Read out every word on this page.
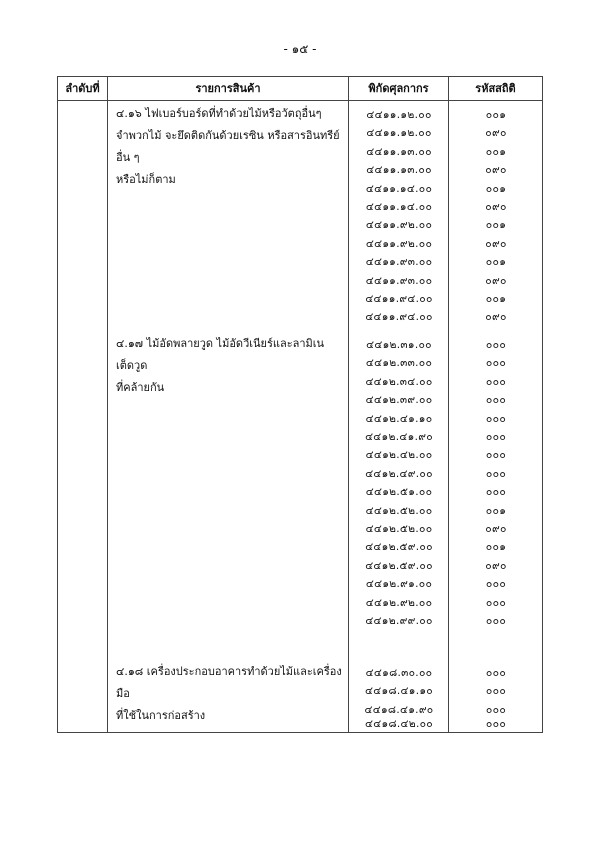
- ๑๕ -
ลำดับที่	รายการสินค้า	พิกัดศุลกากร	รหัสสถิติ
๔.๑๖ ไฟเบอร์บอร์ดที่ทำด้วยไม้หรือวัตถุอื่นๆ
จำพวกไม้ จะยึดติดกันด้วยเรซิน หรือสารอินทรีย์อื่น ๆ
หรือไม่ก็ตาม
๔๔๑๑.๑๒.๐๐	๐๐๑
๔๔๑๑.๑๒.๐๐	๐๙๐
๔๔๑๑.๑๓.๐๐	๐๐๑
๔๔๑๑.๑๓.๐๐	๐๙๐
๔๔๑๑.๑๔.๐๐	๐๐๑
๔๔๑๑.๑๔.๐๐	๐๙๐
๔๔๑๑.๙๒.๐๐	๐๐๑
๔๔๑๑.๙๒.๐๐	๐๙๐
๔๔๑๑.๙๓.๐๐	๐๐๑
๔๔๑๑.๙๓.๐๐	๐๙๐
๔๔๑๑.๙๔.๐๐	๐๐๑
๔๔๑๑.๙๔.๐๐	๐๙๐
๔.๑๗ ไม้อัดพลายวูด ไม้อัดวีเนียร์และลามิเนเต็ดวูด
ที่คล้ายกัน
๔๔๑๒.๓๑.๐๐	๐๐๐
๔๔๑๒.๓๓.๐๐	๐๐๐
๔๔๑๒.๓๔.๐๐	๐๐๐
๔๔๑๒.๓๙.๐๐	๐๐๐
๔๔๑๒.๔๑.๑๐	๐๐๐
๔๔๑๒.๔๑.๙๐	๐๐๐
๔๔๑๒.๔๒.๐๐	๐๐๐
๔๔๑๒.๔๙.๐๐	๐๐๐
๔๔๑๒.๕๑.๐๐	๐๐๐
๔๔๑๒.๕๒.๐๐	๐๐๑
๔๔๑๒.๕๒.๐๐	๐๙๐
๔๔๑๒.๕๙.๐๐	๐๐๑
๔๔๑๒.๕๙.๐๐	๐๙๐
๔๔๑๒.๙๑.๐๐	๐๐๐
๔๔๑๒.๙๒.๐๐	๐๐๐
๔๔๑๒.๙๙.๐๐	๐๐๐
๔.๑๘ เครื่องประกอบอาคารทำด้วยไม้และเครื่องมือ
ที่ใช้ในการก่อสร้าง
๔๔๑๘.๓๐.๐๐	๐๐๐
๔๔๑๘.๔๑.๑๐	๐๐๐
๔๔๑๘.๔๑.๙๐	๐๐๐
๔๔๑๘.๔๒.๐๐	๐๐๐
